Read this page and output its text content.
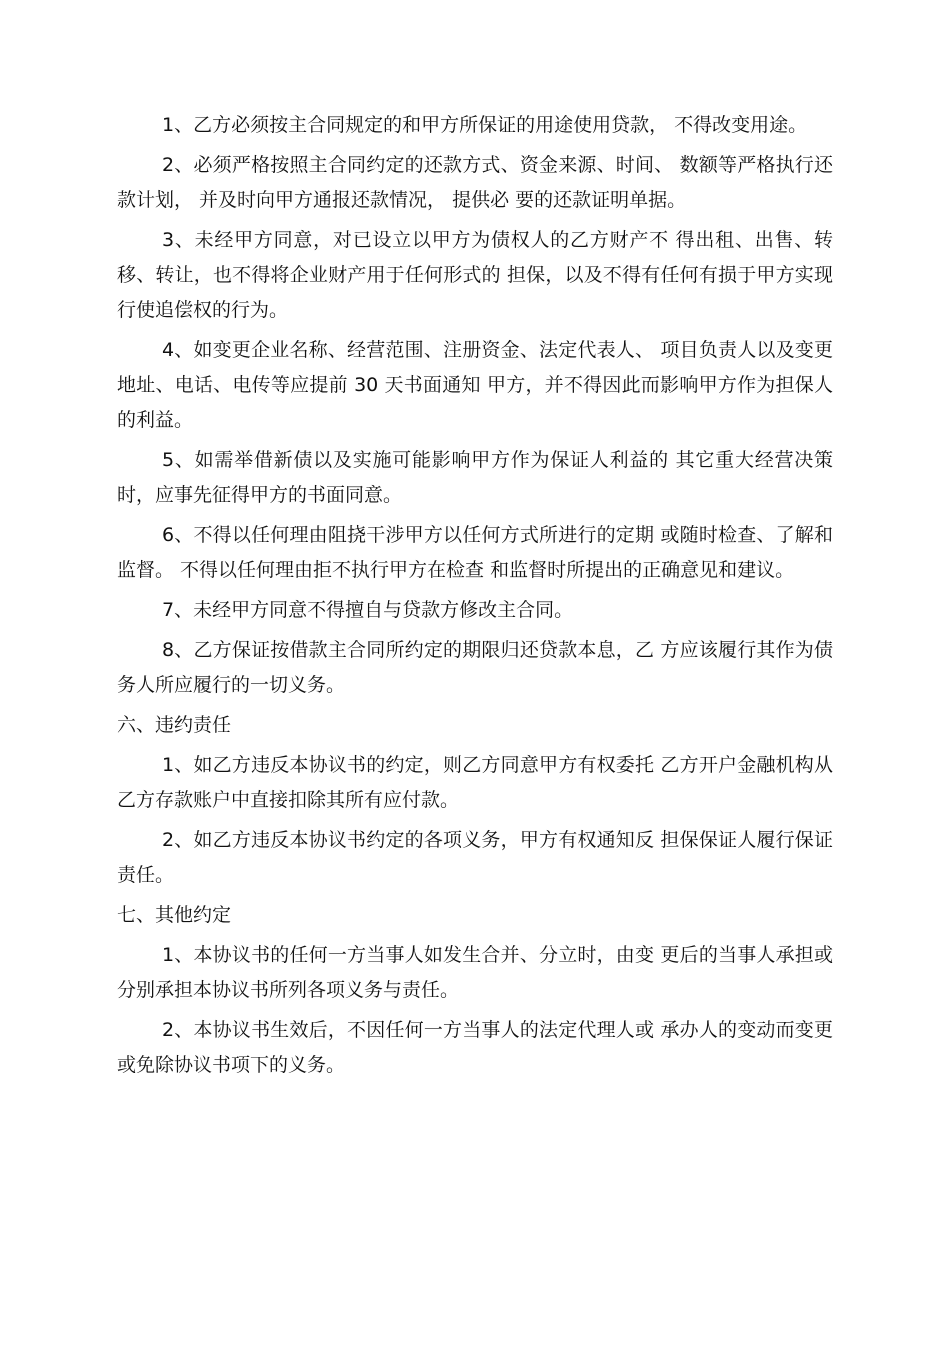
1、乙方必须按主合同规定的和甲方所保证的用途使用贷款， 不得改变用途。

2、必须严格按照主合同约定的还款方式、资金来源、时间、 数额等严格执行还款计划， 并及时向甲方通报还款情况， 提供必 要的还款证明单据。

3、未经甲方同意，对已设立以甲方为债权人的乙方财产不 得出租、出售、转移、转让，也不得将企业财产用于任何形式的 担保，以及不得有任何有损于甲方实现行使追偿权的行为。

4、如变更企业名称、经营范围、注册资金、法定代表人、 项目负责人以及变更地址、电话、电传等应提前 30 天书面通知 甲方，并不得因此而影响甲方作为担保人的利益。

5、如需举借新债以及实施可能影响甲方作为保证人利益的 其它重大经营决策时，应事先征得甲方的书面同意。

6、不得以任何理由阻挠干涉甲方以任何方式所进行的定期 或随时检查、了解和监督。 不得以任何理由拒不执行甲方在检查 和监督时所提出的正确意见和建议。

7、未经甲方同意不得擅自与贷款方修改主合同。

8、乙方保证按借款主合同所约定的期限归还贷款本息，乙 方应该履行其作为债务人所应履行的一切义务。

六、违约责任

1、如乙方违反本协议书的约定，则乙方同意甲方有权委托 乙方开户金融机构从乙方存款账户中直接扣除其所有应付款。

2、如乙方违反本协议书约定的各项义务，甲方有权通知反 担保保证人履行保证责任。

七、其他约定

1、本协议书的任何一方当事人如发生合并、分立时，由变 更后的当事人承担或分别承担本协议书所列各项义务与责任。

2、本协议书生效后，不因任何一方当事人的法定代理人或 承办人的变动而变更或免除协议书项下的义务。
